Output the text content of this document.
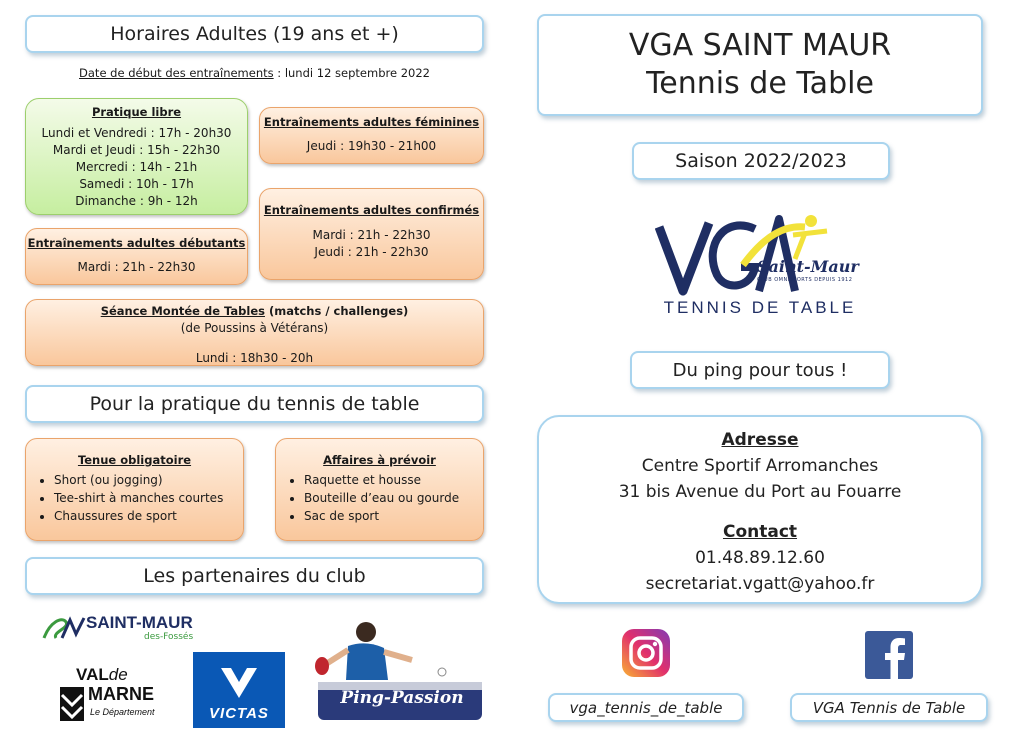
Horaires Adultes (19 ans et +)
Date de début des entraînements : lundi 12 septembre 2022
Pratique libre
Lundi et Vendredi : 17h - 20h30
Mardi et Jeudi : 15h - 22h30
Mercredi : 14h - 21h
Samedi : 10h - 17h
Dimanche : 9h - 12h
Entraînements adultes féminines
Jeudi : 19h30 - 21h00
Entraînements adultes confirmés
Mardi : 21h - 22h30
Jeudi : 21h - 22h30
Entraînements adultes débutants
Mardi : 21h - 22h30
Séance Montée de Tables (matchs / challenges)
(de Poussins à Vétérans)
Lundi : 18h30 - 20h
Pour la pratique du tennis de table
Tenue obligatoire
• Short (ou jogging)
• Tee-shirt à manches courtes
• Chaussures de sport
Affaires à prévoir
• Raquette et housse
• Bouteille d’eau ou gourde
• Sac de sport
Les partenaires du club
SAINT-MAUR
des-Fossés
VALde
MARNE
Le Département	VICTAS
Ping-Passion
VGA SAINT MAUR
Tennis de Table
Saison 2022/2023
Saint-Maur
CLUB OMNISPORTS DEPUIS 1912
TENNIS DE TABLE
Du ping pour tous !
Adresse
Centre Sportif Arromanches
31 bis Avenue du Port au Fouarre
Contact
01.48.89.12.60
secretariat.vgatt@yahoo.fr
vga_tennis_de_table	VGA Tennis de Table
